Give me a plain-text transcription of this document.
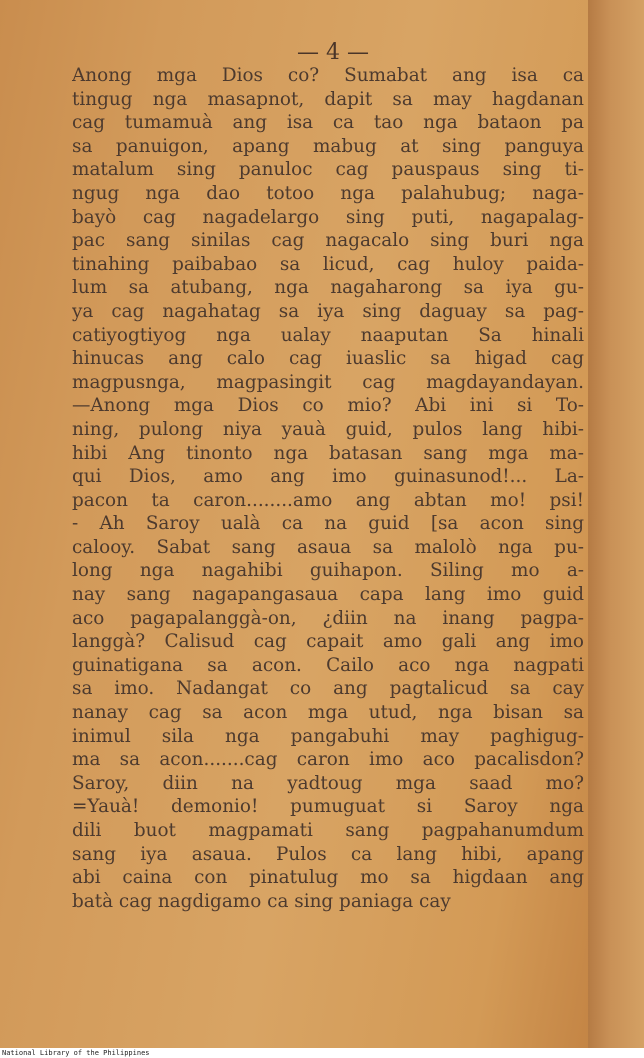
— 4 —
Anong mga Dios co? Sumabat ang isa ca
tingug nga masapnot, dapit sa may hagdanan
cag tumamuà ang isa ca tao nga bataon pa
sa panuigon, apang mabug at sing panguya
matalum sing panuloc cag pauspaus sing ti-
ngug nga dao totoo nga palahubug; naga-
bayò cag nagadelargo sing puti, nagapalag-
pac sang sinilas cag nagacalo sing buri nga
tinahing paibabao sa licud, cag huloy paida-
lum sa atubang, nga nagaharong sa iya gu-
ya cag nagahatag sa iya sing daguay sa pag-
catiyogtiyog nga ualay naaputan Sa hinali
hinucas ang calo cag iuaslic sa higad cag
magpusnga, magpasingit cag magdayandayan.
—Anong mga Dios co mio? Abi ini si To-
ning, pulong niya yauà guid, pulos lang hibi-
hibi Ang tinonto nga batasan sang mga ma-
qui Dios, amo ang imo guinasunod!... La-
pacon ta caron........amo ang abtan mo! psi!
- Ah Saroy ualà ca na guid [sa acon sing
calooy. Sabat sang asaua sa malolò nga pu-
long nga nagahibi guihapon. Siling mo a-
nay sang nagapangasaua capa lang imo guid
aco pagapalanggà-on, ¿diin na inang pagpa-
langgà? Calisud cag capait amo gali ang imo
guinatigana sa acon. Cailo aco nga nagpati
sa imo. Nadangat co ang pagtalicud sa cay
nanay cag sa acon mga utud, nga bisan sa
inimul sila nga pangabuhi may paghigug-
ma sa acon.......cag caron imo aco pacalisdon?
Saroy, diin na yadtoug mga saad mo?
=Yauà! demonio! pumuguat si Saroy nga
dili buot magpamati sang pagpahanumdum
sang iya asaua. Pulos ca lang hibi, apang
abi caina con pinatulug mo sa higdaan ang
batà cag nagdigamo ca sing paniaga cay
National Library of the Philippines
